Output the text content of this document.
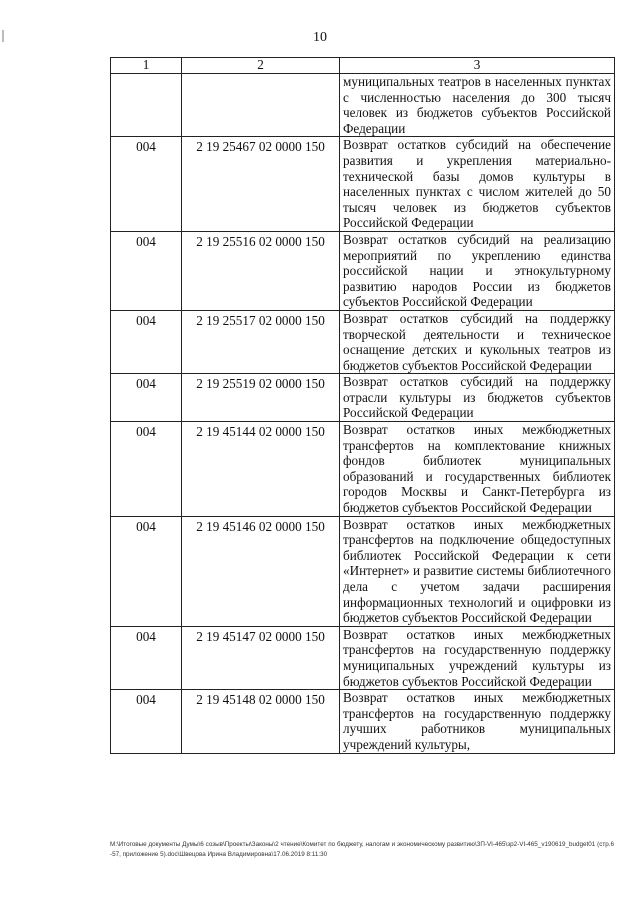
10
1	2	3
		муниципальных театров в населенных пунктах с численностью населения до 300 тысяч человек из бюджетов субъектов Российской Федерации
004	2 19 25467 02 0000 150	Возврат остатков субсидий на обеспечение развития и укрепления материально-технической базы домов культуры в населенных пунктах с числом жителей до 50 тысяч человек из бюджетов субъектов Российской Федерации
004	2 19 25516 02 0000 150	Возврат остатков субсидий на реализацию мероприятий по укреплению единства российской нации и этнокультурному развитию народов России из бюджетов субъектов Российской Федерации
004	2 19 25517 02 0000 150	Возврат остатков субсидий на поддержку творческой деятельности и техническое оснащение детских и кукольных театров из бюджетов субъектов Российской Федерации
004	2 19 25519 02 0000 150	Возврат остатков субсидий на поддержку отрасли культуры из бюджетов субъектов Российской Федерации
004	2 19 45144 02 0000 150	Возврат остатков иных межбюджетных трансфертов на комплектование книжных фондов библиотек муниципальных образований и государственных библиотек городов Москвы и Санкт-Петербурга из бюджетов субъектов Российской Федерации
004	2 19 45146 02 0000 150	Возврат остатков иных межбюджетных трансфертов на подключение общедоступных библиотек Российской Федерации к сети «Интернет» и развитие системы библиотечного дела с учетом задачи расширения информационных технологий и оцифровки из бюджетов субъектов Российской Федерации
004	2 19 45147 02 0000 150	Возврат остатков иных межбюджетных трансфертов на государственную поддержку муниципальных учреждений культуры из бюджетов субъектов Российской Федерации
004	2 19 45148 02 0000 150	Возврат остатков иных межбюджетных трансфертов на государственную поддержку лучших работников муниципальных учреждений культуры,
M:\Итоговые документы Думы\6 созыв\Проекты\Законы\2 чтение\Комитет по бюджету, налогам и экономическому развитию\ЗП-VI-465\зр2-VI-465_v190619_budget01 (стр.6-57, приложение 5).doc\Швецова Ирина Владимировна\17.06.2019 8:11:30
